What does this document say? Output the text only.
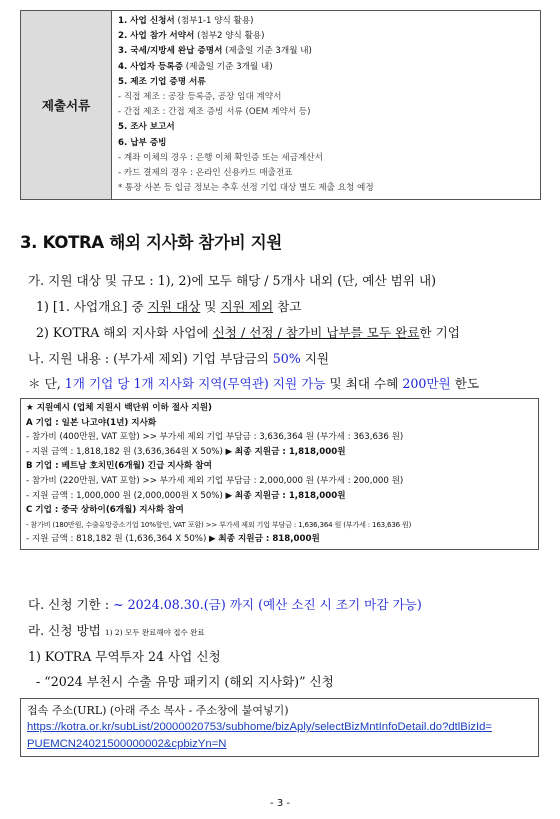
제출서류	
1. 사업 신청서 (첨부1-1 양식 활용)
2. 사업 참가 서약서 (첨부2 양식 활용)
3. 국세/지방세 완납 증명서 (제출일 기준 3개월 내)
4. 사업자 등록증 (제출일 기준 3개월 내)
5. 제조 기업 증명 서류
- 직접 제조 : 공장 등록증, 공장 임대 계약서
- 간접 제조 : 간접 제조 증빙 서류 (OEM 계약서 등)
5. 조사 보고서
6. 납부 증빙
- 계좌 이체의 경우 : 은행 이체 확인증 또는 세금계산서
- 카드 결제의 경우 : 온라인 신용카드 매출전표
* 통장 사본 등 입금 정보는 추후 선정 기업 대상 별도 제출 요청 예정
3. KOTRA 해외 지사화 참가비 지원
가. 지원 대상 및 규모 : 1), 2)에 모두 해당 / 5개사 내외 (단, 예산 범위 내)
1) [1. 사업개요] 중 지원 대상 및 지원 제외 참고
2) KOTRA 해외 지사화 사업에 신청 / 선정 / 참가비 납부를 모두 완료한 기업
나. 지원 내용 : (부가세 제외) 기업 부담금의 50% 지원
＊ 단, 1개 기업 당 1개 지사화 지역(무역관) 지원 가능 및 최대 수혜 200만원 한도
★ 지원예시 (업체 지원시 백단위 이하 절사 지원)
A 기업 : 일본 나고야(1년) 지사화
- 참가비 (400만원, VAT 포함) >> 부가세 제외 기업 부담금 : 3,636,364 원 (부가세 : 363,636 원)
- 지원 금액 : 1,818,182 원 (3,636,364원 X 50%) ▶ 최종 지원금 : 1,818,000원
B 기업 : 베트남 호치민(6개월) 긴급 지사화 참여
- 참가비 (220만원, VAT 포함) >> 부가세 제외 기업 부담금 : 2,000,000 원 (부가세 : 200,000 원)
- 지원 금액 : 1,000,000 원 (2,000,000원 X 50%) ▶ 최종 지원금 : 1,818,000원
C 기업 : 중국 상하이(6개월) 지사화 참여
- 참가비 (180만원, 수출유망중소기업 10%할인, VAT 포함) >> 부가세 제외 기업 부담금 : 1,636,364 원 (부가세 : 163,636 원)
- 지원 금액 : 818,182 원 (1,636,364 X 50%) ▶ 최종 지원금 : 818,000원
다. 신청 기한 : ~ 2024.08.30.(금) 까지 (예산 소진 시 조기 마감 가능)
라. 신청 방법 1) 2) 모두 완료해야 접수 완료
1) KOTRA 무역투자 24 사업 신청
- “2024 부천시 수출 유망 패키지 (해외 지사화)” 신청
접속 주소(URL) (아래 주소 복사 - 주소창에 붙여넣기)
https://kotra.or.kr/subList/20000020753/subhome/bizAply/selectBizMntInfoDetail.do?dtlBizId=
PUEMCN24021500000002&cpbizYn=N
- 3 -
